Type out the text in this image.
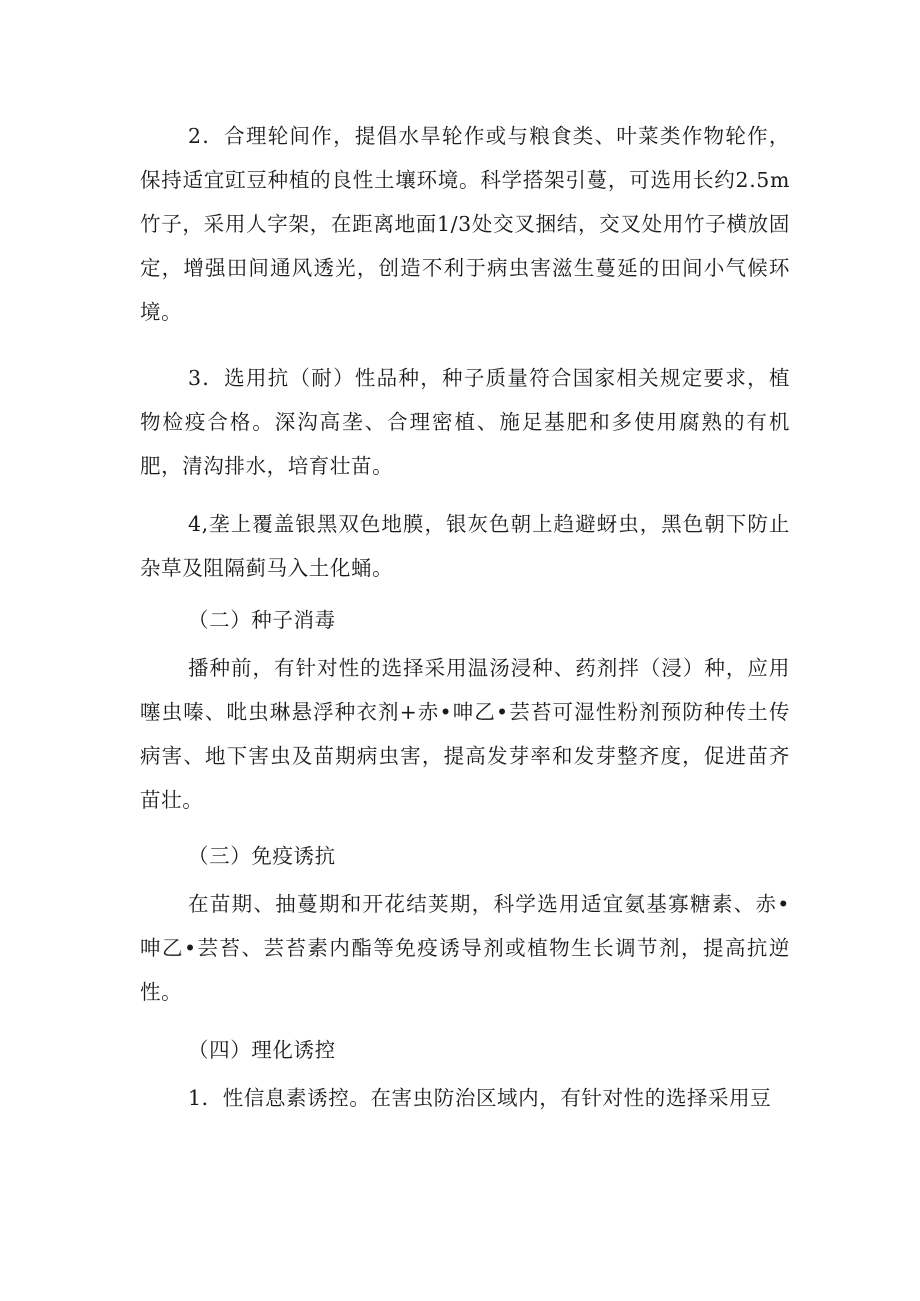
2．合理轮间作，提倡水旱轮作或与粮食类、叶菜类作物轮作，保持适宜豇豆种植的良性土壤环境。科学搭架引蔓，可选用长约2.5m竹子，采用人字架，在距离地面1/3处交叉捆结，交叉处用竹子横放固定，增强田间通风透光，创造不利于病虫害滋生蔓延的田间小气候环境。

3．选用抗（耐）性品种，种子质量符合国家相关规定要求，植物检疫合格。深沟高垄、合理密植、施足基肥和多使用腐熟的有机肥，清沟排水，培育壮苗。

4,垄上覆盖银黑双色地膜，银灰色朝上趋避蚜虫，黑色朝下防止杂草及阻隔蓟马入土化蛹。

（二）种子消毒

播种前，有针对性的选择采用温汤浸种、药剂拌（浸）种，应用噻虫嗪、吡虫琳悬浮种衣剂+赤•呻乙•芸苔可湿性粉剂预防种传土传病害、地下害虫及苗期病虫害，提高发芽率和发芽整齐度，促进苗齐苗壮。

（三）免疫诱抗

在苗期、抽蔓期和开花结荚期，科学选用适宜氨基寡糖素、赤•呻乙•芸苔、芸苔素内酯等免疫诱导剂或植物生长调节剂，提高抗逆性。

（四）理化诱控

1．性信息素诱控。在害虫防治区域内，有针对性的选择采用豆
